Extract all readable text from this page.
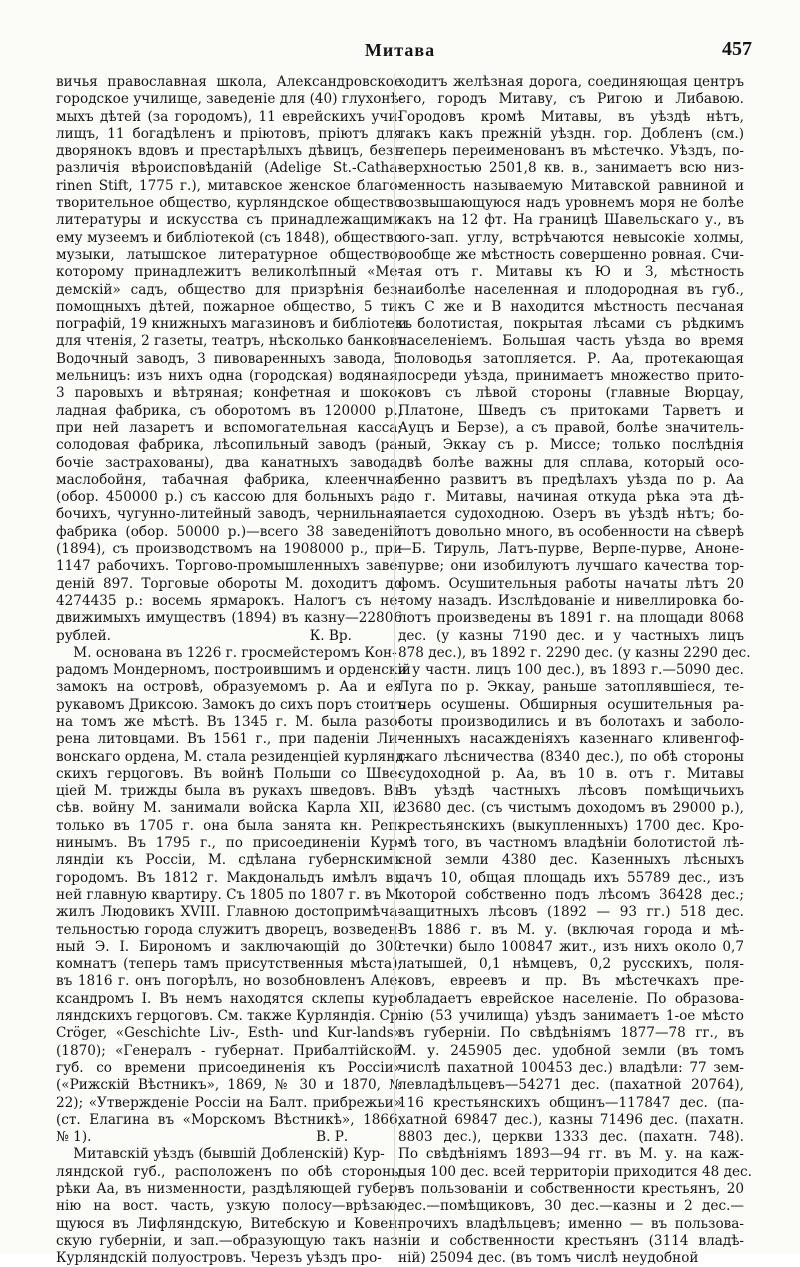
Митава	457
вичья православная школа, Александровское
городское училище, заведеніе для (40) глухонѣ-
мыхъ дѣтей (за городомъ), 11 еврейскихъ учи-
лищъ, 11 богадѣленъ и пріютовъ, пріютъ для
дворянокъ вдовъ и престарѣлыхъ дѣвицъ, безъ
различія вѣроисповѣданій (Adelige St.-Catha-
rinen Stift, 1775 г.), митавское женское благо-
творительное общество, курляндское общество
литературы и искусства съ принадлежащими
ему музеемъ и библіотекой (съ 1848), общество
музыки, латышское литературное общество,
которому принадлежитъ великолѣпный «Ме-
демскій» садъ, общество для призрѣнія без-
помощныхъ дѣтей, пожарное общество, 5 ти-
пографій, 19 книжныхъ магазиновъ и библіотекъ
для чтенія, 2 газеты, театръ, нѣсколько банковъ.
Водочный заводъ, 3 пивоваренныхъ завода, 5
мельницъ: изъ нихъ одна (городская) водяная,
3 паровыхъ и вѣтряная; конфетная и шоко-
ладная фабрика, съ оборотомъ въ 120000 р.,
при ней лазаретъ и вспомогательная касса;
солодовая фабрика, лѣсопильный заводъ (ра-
бочіе застрахованы), два канатныхъ завода.
маслобойня, табачная фабрика, клеенчная
(обор. 450000 р.) съ кассою для больныхъ ра-
бочихъ, чугунно-литейный заводъ, чернильная
фабрика (обор. 50000 р.)—всего 38 заведеній
(1894), съ производствомъ на 1908000 р., при
1147 рабочихъ. Торгово-промышленныхъ заве-
деній 897. Торговые обороты М. доходитъ до
4274435 р.: восемь ярмарокъ. Налогъ съ не-
движимыхъ имуществъ (1894) въ казну—22806
рублей.                                              К. Вр.
М. основана въ 1226 г. гросмейстеромъ Кон-
радомъ Мондерномъ, построившимъ и орденскій
замокъ на островѣ, образуемомъ р. Аа и ея
рукавомъ Дриксою. Замокъ до сихъ поръ стоитъ
на томъ же мѣстѣ. Въ 1345 г. М. была разо-
рена литовцами. Въ 1561 г., при паденіи Ли-
вонскаго ордена, М. стала резиденціей курлянд-
скихъ герцоговъ. Въ войнѣ Польши со Шве-
ціей М. трижды была въ рукахъ шведовъ. Въ
сѣв. войну М. занимали войска Карла XII, и
только въ 1705 г. она была занята кн. Реп-
нинымъ. Въ 1795 г., по присоединеніи Кур-
ляндіи къ Россіи, М. сдѣлана губернскимъ
городомъ. Въ 1812 г. Макдональдъ имѣлъ въ
ней главную квартиру. Съ 1805 по 1807 г. въ М.
жилъ Людовикъ XVIII. Главною достопримѣча-
тельностью города служитъ дворецъ, возведен-
ный Э. І. Бирономъ и заключающій до 300
комнатъ (теперь тамъ присутственныя мѣста);
въ 1816 г. онъ погорѣлъ, но возобновленъ Але-
ксандромъ І. Въ немъ находятся склепы кур-
ляндскихъ герцоговъ. См. также Курляндія. Ср.
Cröger, «Geschichte Liv-, Esth- und Kur-lands»
(1870); «Генералъ - губернат. Прибалтійской
губ. со времени присоединенія къ Россіи»
(«Рижскій Вѣстникъ», 1869, № 30 и 1870, №
22); «Утвержденіе Россіи на Балт. прибрежьи»
(ст. Елагина въ «Морскомъ Вѣстникѣ», 1866,
№ 1).                                                    В. Р.
Митавскій уѣздъ (бывшій Добленскій) Кур-
ляндской губ., расположенъ по обѣ стороны
рѣки Аа, въ низменности, раздѣляющей губер-
нію на вост. часть, узкую полосу—врѣзаю-
щуюся въ Лифляндскую, Витебскую и Ковен-
скую губерніи, и зап.—образующую такъ наз.
Курляндскій полуостровъ. Черезъ уѣздъ про-
ходитъ желѣзная дорога, соединяющая центръ
его, городъ Митаву, съ Ригою и Либавою.
Городовъ кромѣ Митавы, въ уѣздѣ нѣтъ,
такъ какъ прежній уѣздн. гор. Добленъ (см.)
теперь переименованъ въ мѣстечко. Уѣздъ, по-
верхностью 2501,8 кв. в., занимаетъ всю низ-
менность называемую Митавской равниной и
возвышающуюся надъ уровнемъ моря не болѣе
какъ на 12 фт. На границѣ Шавельскаго у., въ
юго-зап. углу, встрѣчаются невысокіе холмы,
вообще же мѣстность совершенно ровная. Счи-
тая отъ г. Митавы къ Ю и З, мѣстность
наиболѣе населенная и плодородная въ губ.,
къ С же и В находится мѣстность песчаная
и болотистая, покрытая лѣсами съ рѣдкимъ
населеніемъ. Большая часть уѣзда во время
половодья затопляется. Р. Аа, протекающая
посреди уѣзда, принимаетъ множество прито-
ковъ съ лѣвой стороны (главные Вюрцау,
Платоне, Шведъ съ притоками Тарветъ и
Ауцъ и Берзе), а съ правой, болѣе значитель-
ный, Эккау съ р. Миссе; только послѣднія
двѣ болѣе важны для сплава, который осо-
бенно развитъ въ предѣлахъ уѣзда по р. Аа
до г. Митавы, начиная откуда рѣка эта дѣ-
лается судоходною. Озеръ въ уѣздѣ нѣтъ; бо-
лотъ довольно много, въ особенности на сѣверѣ
—Б. Тируль, Латъ-пурве, Верпе-пурве, Аноне-
пурве; они изобилуютъ лучшаго качества тор-
фомъ. Осушительныя работы начаты лѣтъ 20
тому назадъ. Изслѣдованіе и нивеллировка бо-
лотъ произведены въ 1891 г. на площади 8068
дес. (у казны 7190 дес. и у частныхъ лицъ
878 дес.), въ 1892 г. 2290 дес. (у казны 2290 дес.
и у частн. лицъ 100 дес.), въ 1893 г.—5090 дес.
Луга по р. Эккау, раньше затоплявшіеся, те-
перь осушены. Обширныя осушительныя ра-
боты производились и въ болотахъ и заболо-
ченныхъ насажденіяхъ казеннаго кливенгоф-
скаго лѣсничества (8340 дес.), по обѣ стороны
судоходной р. Аа, въ 10 в. отъ г. Митавы
Въ уѣздѣ частныхъ лѣсовъ помѣщичьихъ
23680 дес. (съ чистымъ доходомъ въ 29000 р.),
крестьянскихъ (выкупленныхъ) 1700 дес. Кро-
мѣ того, въ частномъ владѣніи болотистой лѣ-
сной земли 4380 дес. Казенныхъ лѣсныхъ
дачъ 10, общая площадь ихъ 55789 дес., изъ
которой собственно подъ лѣсомъ 36428 дес.;
защитныхъ лѣсовъ (1892 — 93 гг.) 518 дес.
Въ 1886 г. въ М. у. (включая города и мѣ-
стечки) было 100847 жит., изъ нихъ около 0,7
латышей, 0,1 нѣмцевъ, 0,2 русскихъ, поля-
ковъ, евреевъ и пр. Въ мѣстечкахъ пре-
обладаетъ еврейское населеніе. По образова-
нію (53 училища) уѣздъ занимаетъ 1-ое мѣсто
въ губерніи. По свѣдѣніямъ 1877—78 гг., въ
М. у. 245905 дес. удобной земли (въ томъ
числѣ пахатной 100453 дес.) владѣли: 77 зем-
левладѣльцевъ—54271 дес. (пахатной 20764),
116 крестьянскихъ общинъ—117847 дес. (па-
хатной 69847 дес.), казны 71496 дес. (пахатн.
8803 дес.), церкви 1333 дес. (пахатн. 748).
По свѣдѣніямъ 1893—94 гг. въ М. у. на каж-
дыя 100 дес. всей территоріи приходится 48 дес.
въ пользованіи и собственности крестьянъ, 20
дес.—помѣщиковъ, 30 дес.—казны и 2 дес.—
прочихъ владѣльцевъ; именно — въ пользова-
ніи и собственности крестьянъ (3114 владѣ-
ній) 25094 дес. (въ томъ числѣ неудобной
